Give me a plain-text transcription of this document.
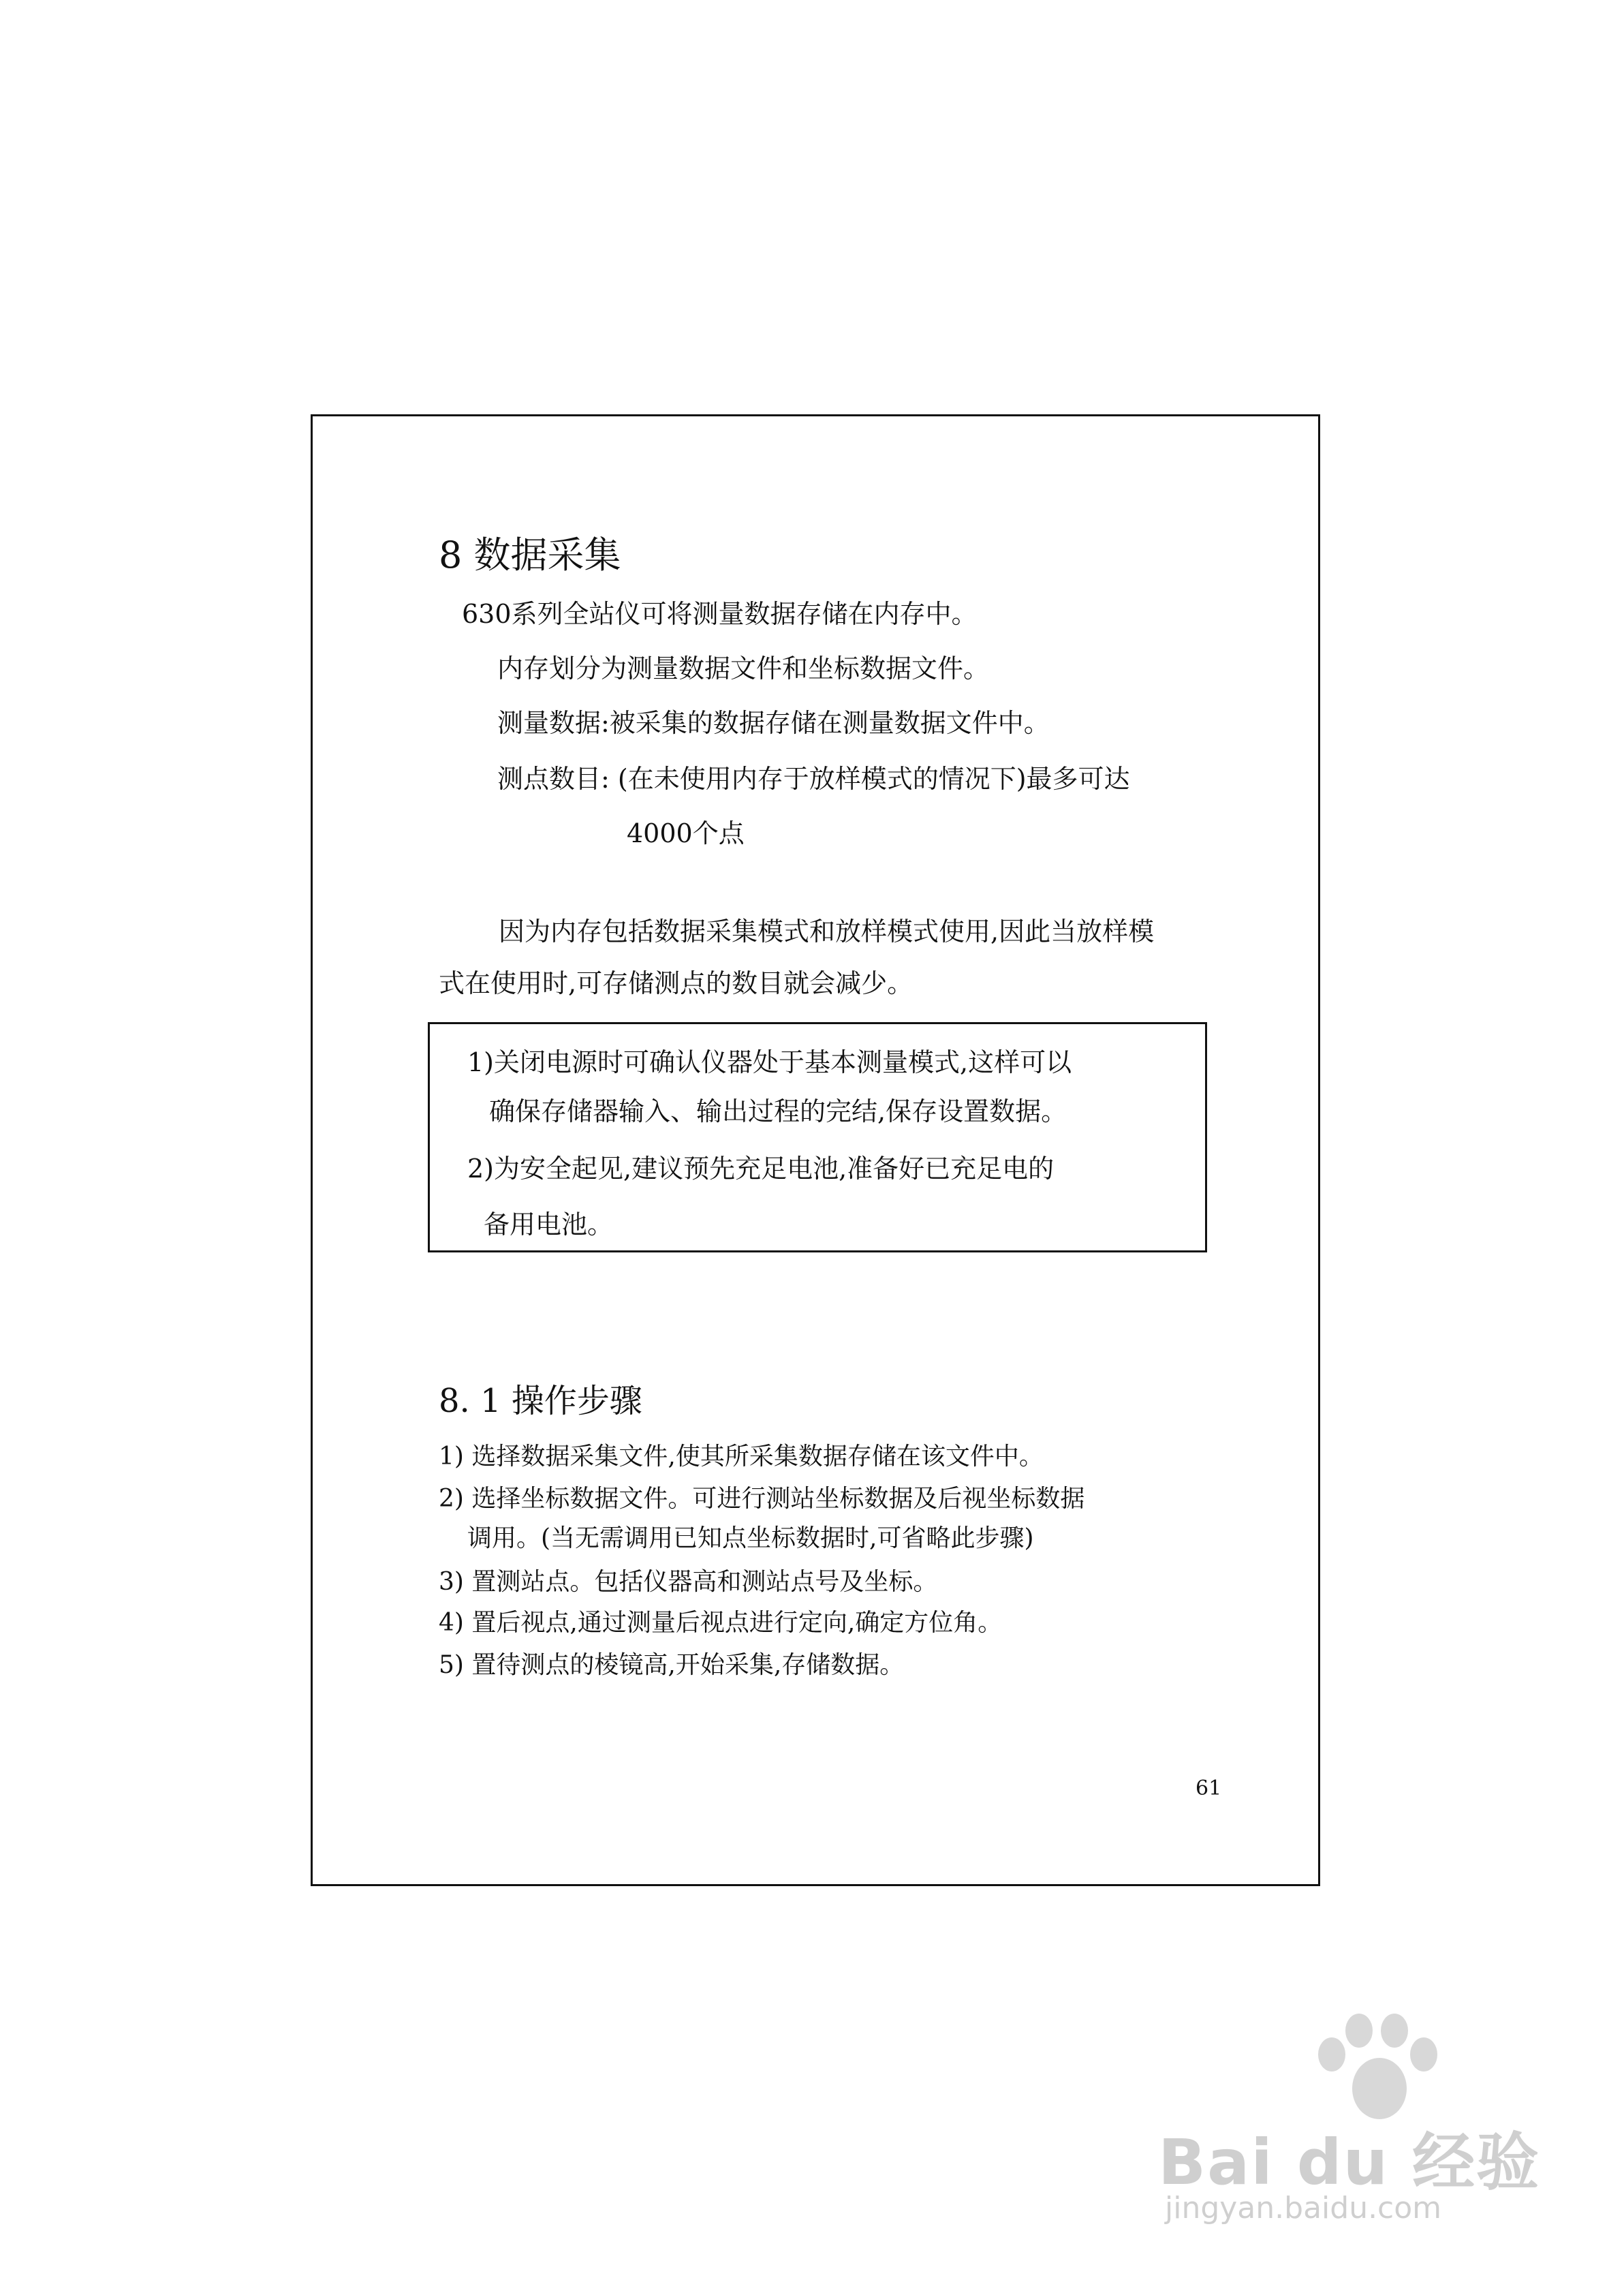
8 数据采集
630系列全站仪可将测量数据存储在内存中。
内存划分为测量数据文件和坐标数据文件。
测量数据:被采集的数据存储在测量数据文件中。
测点数目: (在未使用内存于放样模式的情况下)最多可达
4000个点
因为内存包括数据采集模式和放样模式使用,因此当放样模
式在使用时,可存储测点的数目就会减少。
1)关闭电源时可确认仪器处于基本测量模式,这样可以
确保存储器输入、输出过程的完结,保存设置数据。
2)为安全起见,建议预先充足电池,准备好已充足电的
备用电池。
8. 1 操作步骤
1) 选择数据采集文件,使其所采集数据存储在该文件中。
2) 选择坐标数据文件。可进行测站坐标数据及后视坐标数据
调用。(当无需调用已知点坐标数据时,可省略此步骤)
3) 置测站点。包括仪器高和测站点号及坐标。
4) 置后视点,通过测量后视点进行定向,确定方位角。
5) 置待测点的棱镜高,开始采集,存储数据。
61
Bai du 经验
jingyan.baidu.com
